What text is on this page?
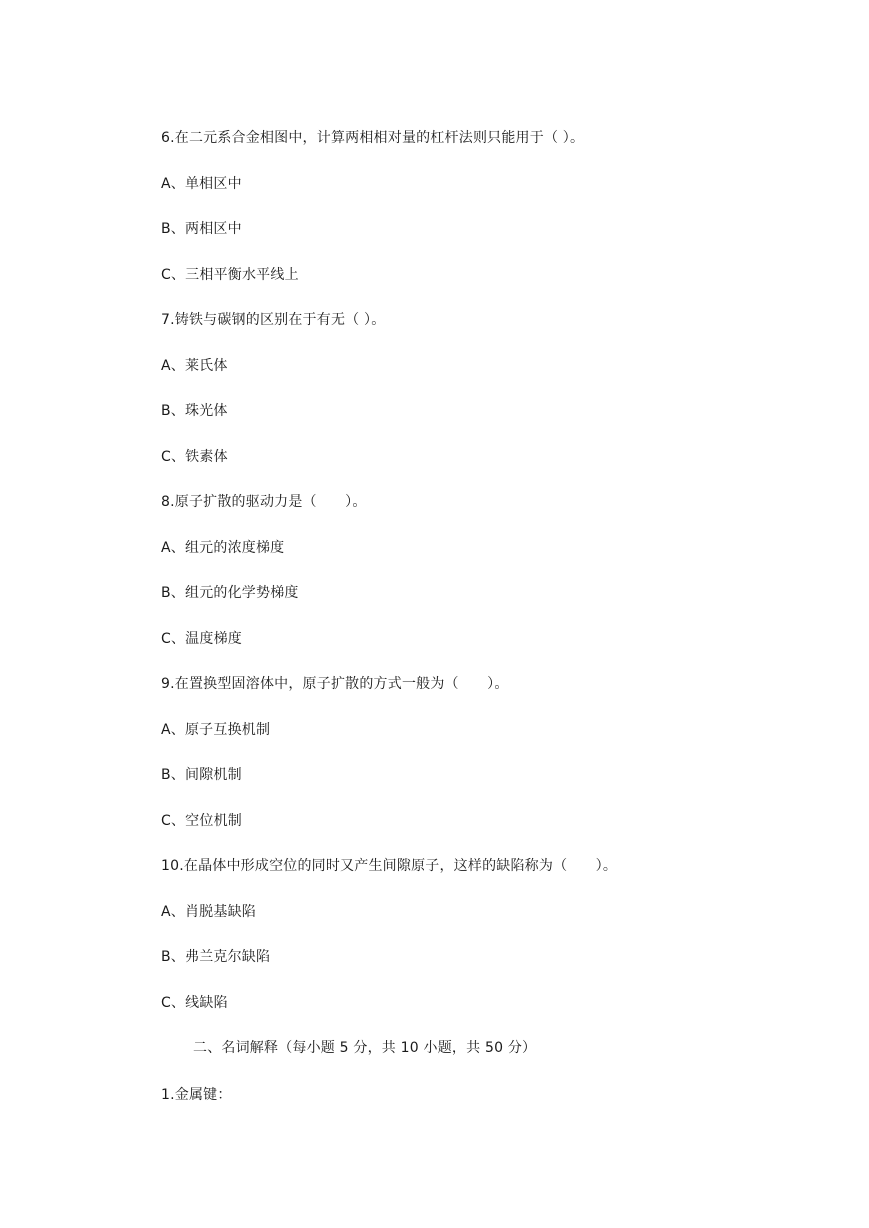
6.在二元系合金相图中，计算两相相对量的杠杆法则只能用于（ ）。
A、单相区中
B、两相区中
C、三相平衡水平线上
7.铸铁与碳钢的区别在于有无（ ）。
A、莱氏体
B、珠光体
C、铁素体
8.原子扩散的驱动力是（　　）。
A、组元的浓度梯度
B、组元的化学势梯度
C、温度梯度
9.在置换型固溶体中，原子扩散的方式一般为（　　）。
A、原子互换机制
B、间隙机制
C、空位机制
10.在晶体中形成空位的同时又产生间隙原子，这样的缺陷称为（　　）。
A、肖脱基缺陷
B、弗兰克尔缺陷
C、线缺陷
二、名词解释（每小题 5 分，共 10 小题，共 50 分）
1.金属键：
